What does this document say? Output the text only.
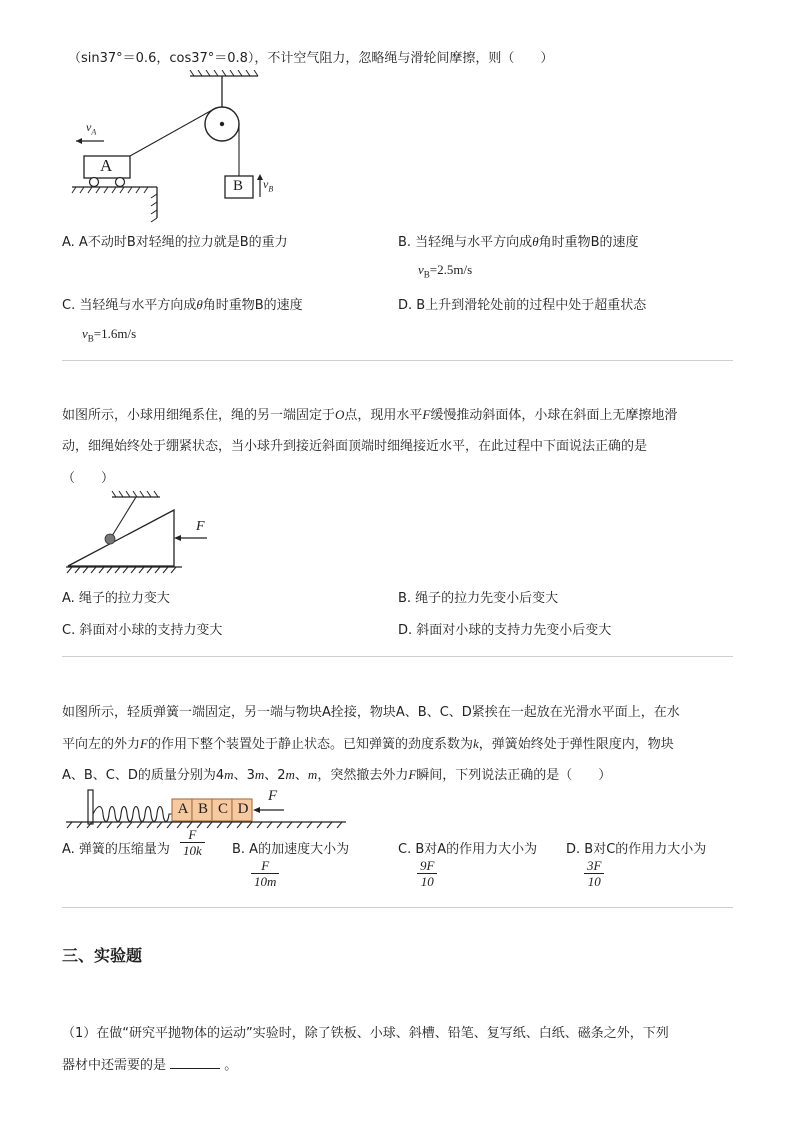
（sin37°＝0.6，cos37°＝0.8），不计空气阻力，忽略绳与滑轮间摩擦，则（　　）
$v_A$
A
B $v_B$
A. A不动时B对轻绳的拉力就是B的重力	B. 当轻绳与水平方向成θ角时重物B的速度
$v_B=2.5m/s$
C. 当轻绳与水平方向成θ角时重物B的速度	D. B上升到滑轮处前的过程中处于超重状态
$v_B=1.6m/s$
如图所示，小球用细绳系住，绳的另一端固定于O点，现用水平F缓慢推动斜面体，小球在斜面上无摩擦地滑
动，细绳始终处于绷紧状态，当小球升到接近斜面顶端时细绳接近水平，在此过程中下面说法正确的是
（　　）
F
A. 绳子的拉力变大	B. 绳子的拉力先变小后变大
C. 斜面对小球的支持力变大	D. 斜面对小球的支持力先变小后变大
如图所示，轻质弹簧一端固定，另一端与物块A拴接，物块A、B、C、D紧挨在一起放在光滑水平面上，在水
平向左的外力F的作用下整个装置处于静止状态。已知弹簧的劲度系数为k，弹簧始终处于弹性限度内，物块
A、B、C、D的质量分别为4m、3m、2m、m，突然撤去外力F瞬间，下列说法正确的是（　　）
A B C D
F
A. 弹簧的压缩量为 $\frac{F}{10k} B$. A的加速度大小为
$\frac{F}{10m}$
C. B对A的作用力大小为
$\frac{9F}{10}$
D. B对C的作用力大小为
$\frac{3F}{10}$
三、实验题
（1）在做“研究平抛物体的运动”实验时，除了铁板、小球、斜槽、铅笔、复写纸、白纸、磁条之外，下列
器材中还需要的是	。
